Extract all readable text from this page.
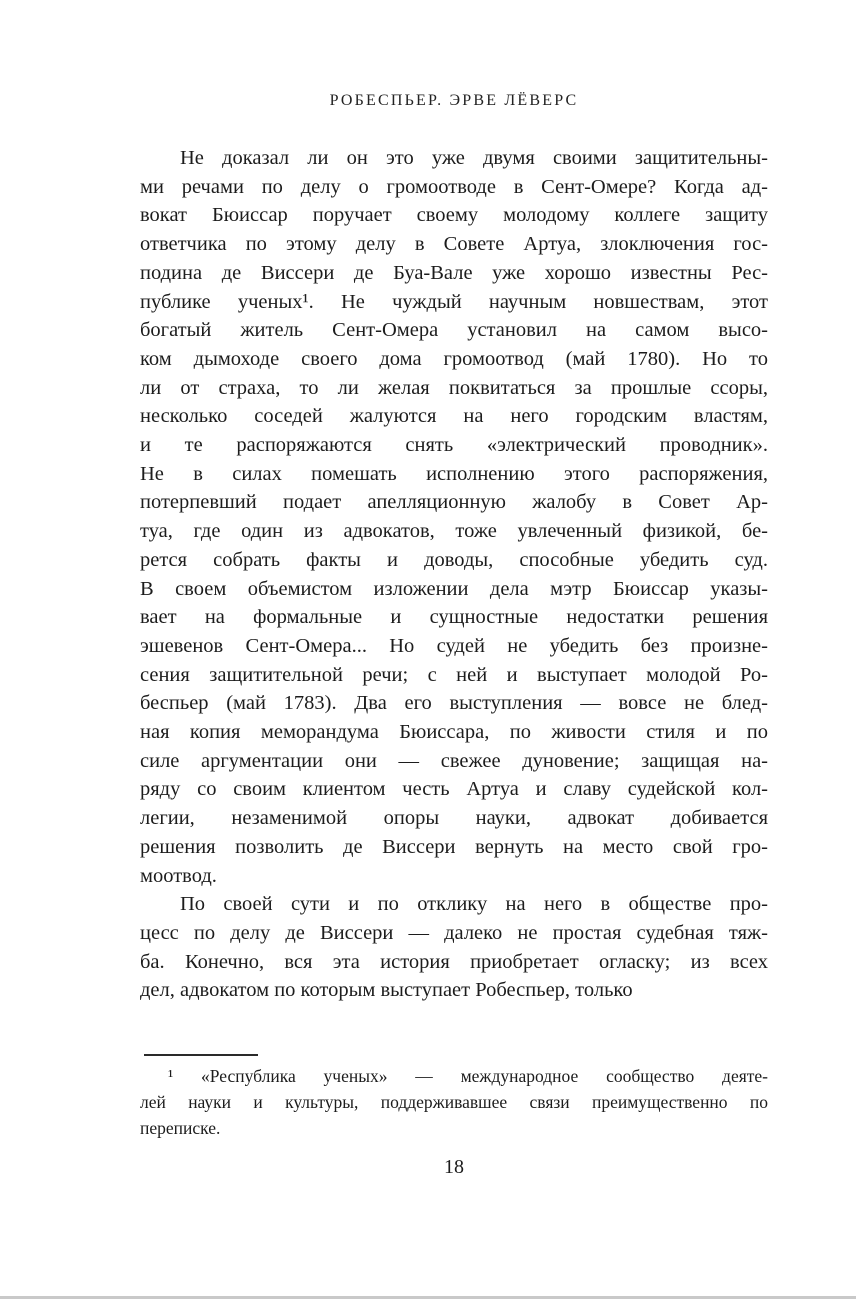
РОБЕСПЬЕР. ЭРВЕ ЛЁВЕРС
Не доказал ли он это уже двумя своими защитительны-
ми речами по делу о громоотводе в Сент-Омере? Когда ад-
вокат Бюиссар поручает своему молодому коллеге защиту
ответчика по этому делу в Совете Артуа, злоключения гос-
подина де Виссери де Буа-Вале уже хорошо известны Рес-
публике ученых¹. Не чуждый научным новшествам, этот
богатый житель Сент-Омера установил на самом высо-
ком дымоходе своего дома громоотвод (май 1780). Но то
ли от страха, то ли желая поквитаться за прошлые ссоры,
несколько соседей жалуются на него городским властям,
и те распоряжаются снять «электрический проводник».
Не в силах помешать исполнению этого распоряжения,
потерпевший подает апелляционную жалобу в Совет Ар-
туа, где один из адвокатов, тоже увлеченный физикой, бе-
рется собрать факты и доводы, способные убедить суд.
В своем объемистом изложении дела мэтр Бюиссар указы-
вает на формальные и сущностные недостатки решения
эшевенов Сент-Омера... Но судей не убедить без произне-
сения защитительной речи; с ней и выступает молодой Ро-
беспьер (май 1783). Два его выступления — вовсе не блед-
ная копия меморандума Бюиссара, по живости стиля и по
силе аргументации они — свежее дуновение; защищая на-
ряду со своим клиентом честь Артуа и славу судейской кол-
легии, незаменимой опоры науки, адвокат добивается
решения позволить де Виссери вернуть на место свой гро-
моотвод.
По своей сути и по отклику на него в обществе про-
цесс по делу де Виссери — далеко не простая судебная тяж-
ба. Конечно, вся эта история приобретает огласку; из всех
дел, адвокатом по которым выступает Робеспьер, только
¹ «Республика ученых» — международное сообщество деяте-
лей науки и культуры, поддерживавшее связи преимущественно по
переписке.
18
